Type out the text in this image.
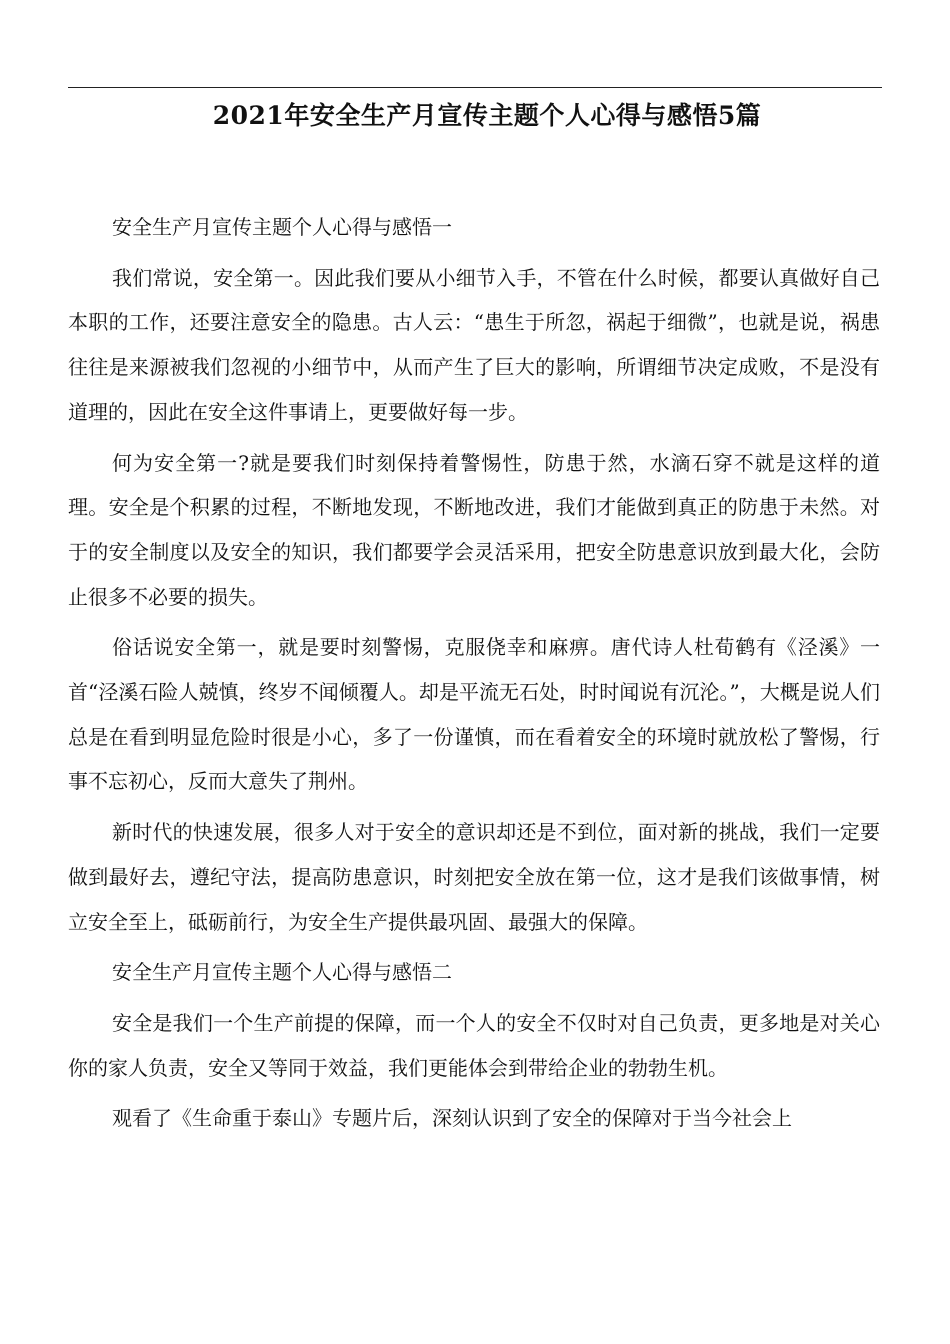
2021年安全生产月宣传主题个人心得与感悟5篇

安全生产月宣传主题个人心得与感悟一

我们常说，安全第一。因此我们要从小细节入手，不管在什么时候，都要认真做好自己本职的工作，还要注意安全的隐患。古人云：“患生于所忽，祸起于细微”，也就是说，祸患往往是来源被我们忽视的小细节中，从而产生了巨大的影响，所谓细节决定成败，不是没有道理的，因此在安全这件事请上，更要做好每一步。

何为安全第一?就是要我们时刻保持着警惕性，防患于然，水滴石穿不就是这样的道理。安全是个积累的过程，不断地发现，不断地改进，我们才能做到真正的防患于未然。对于的安全制度以及安全的知识，我们都要学会灵活采用，把安全防患意识放到最大化，会防止很多不必要的损失。

俗话说安全第一，就是要时刻警惕，克服侥幸和麻痹。唐代诗人杜荀鹤有《泾溪》一首“泾溪石险人兢慎，终岁不闻倾覆人。却是平流无石处，时时闻说有沉沦。”，大概是说人们总是在看到明显危险时很是小心，多了一份谨慎，而在看着安全的环境时就放松了警惕，行事不忘初心，反而大意失了荆州。

新时代的快速发展，很多人对于安全的意识却还是不到位，面对新的挑战，我们一定要做到最好去，遵纪守法，提高防患意识，时刻把安全放在第一位，这才是我们该做事情，树立安全至上，砥砺前行，为安全生产提供最巩固、最强大的保障。

安全生产月宣传主题个人心得与感悟二

安全是我们一个生产前提的保障，而一个人的安全不仅时对自己负责，更多地是对关心你的家人负责，安全又等同于效益，我们更能体会到带给企业的勃勃生机。

观看了《生命重于泰山》专题片后，深刻认识到了安全的保障对于当今社会上
